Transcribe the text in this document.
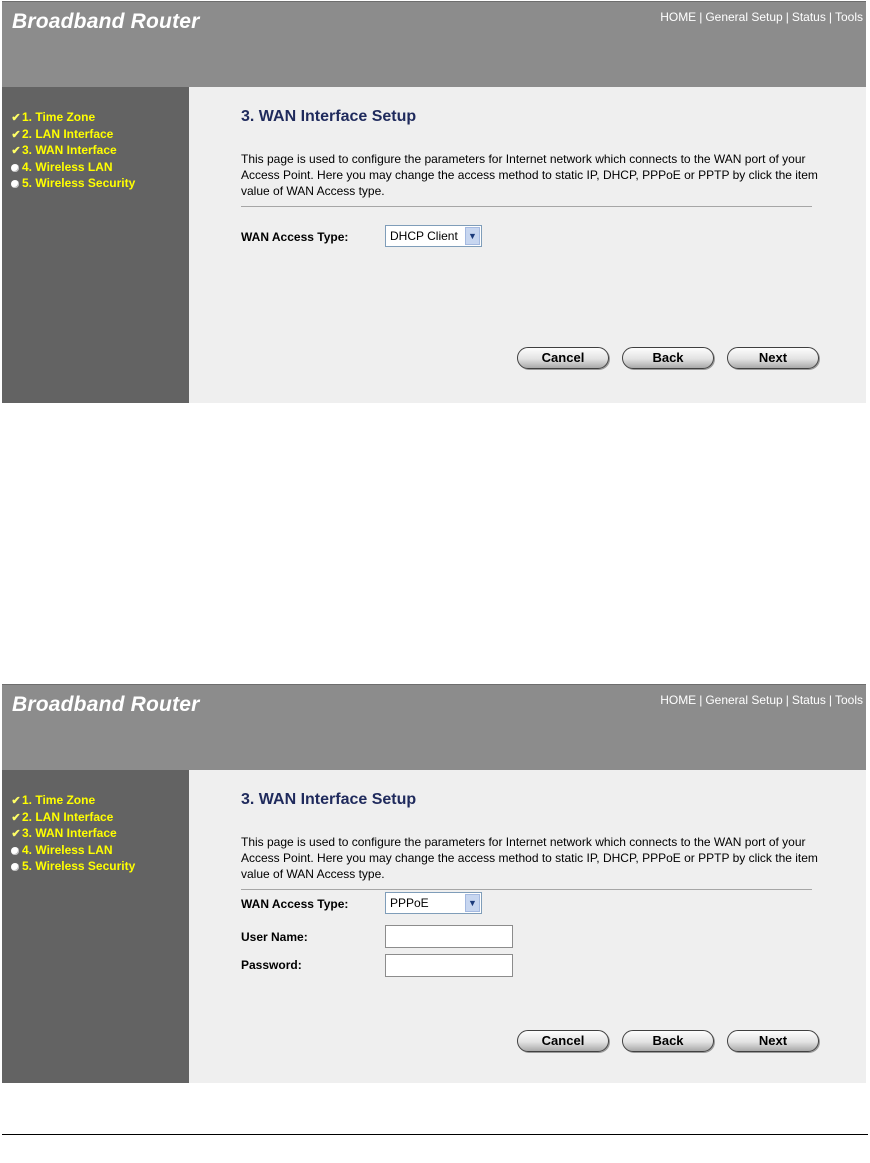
Broadband Router	HOME | General Setup | Status | Tools
✔1. Time Zone
✔2. LAN Interface
✔3. WAN Interface
4. Wireless LAN
5. Wireless Security
3. WAN Interface Setup
This page is used to configure the parameters for Internet network which connects to the WAN port of your Access Point. Here you may change the access method to static IP, DHCP, PPPoE or PPTP by click the item value of WAN Access type.
WAN Access Type:	DHCP Client	▼
Cancel	Back	Next
Broadband Router	HOME | General Setup | Status | Tools
✔1. Time Zone
✔2. LAN Interface
✔3. WAN Interface
4. Wireless LAN
5. Wireless Security
3. WAN Interface Setup
This page is used to configure the parameters for Internet network which connects to the WAN port of your Access Point. Here you may change the access method to static IP, DHCP, PPPoE or PPTP by click the item value of WAN Access type.
WAN Access Type:	PPPoE	▼
User Name:
Password:
Cancel	Back	Next
